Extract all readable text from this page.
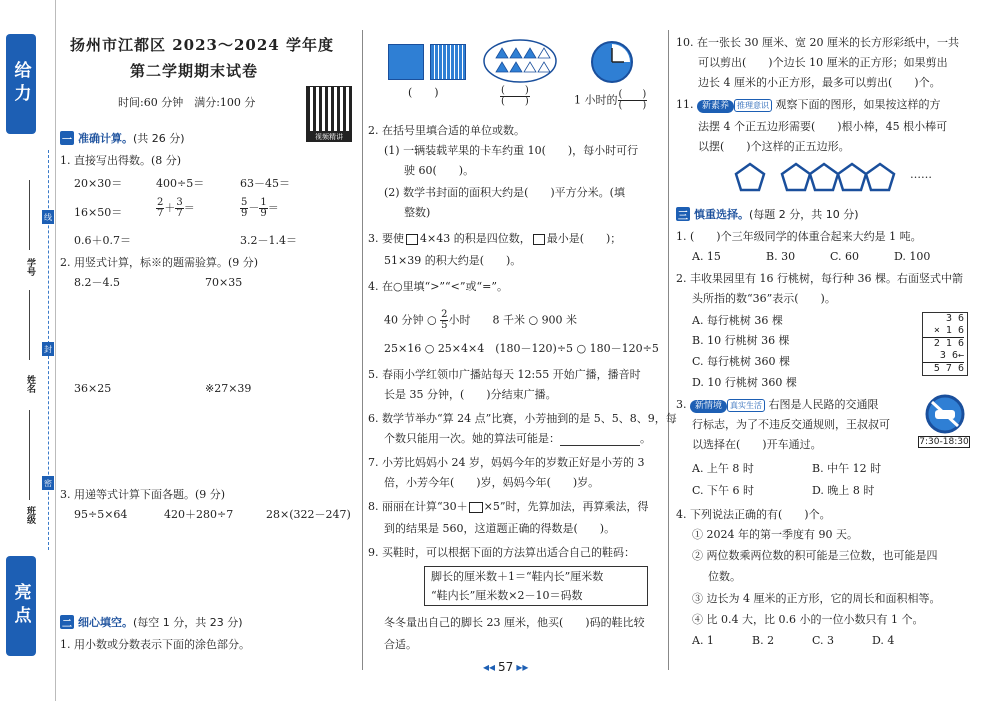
给力
亮点
学号
姓名
班级
线
封
密
扬州市江都区 2023～2024 学年度
第二学期期末试卷
时间:60 分钟　满分:100 分
视频精讲
一 准确计算。 (共 26 分)
1. 直接写出得数。(8 分)
20×30＝	400÷5＝	63－45＝
16×50＝	$\frac{2}{7} + \frac{3}{7}$ ＝	$\frac{5}{9} - \frac{1}{9}$ ＝
0.6＋0.7＝	3.2－1.4＝
2. 用竖式计算，标※的题需验算。(9 分)
8.2－4.5	70×35
36×25	※27×39
3. 用递等式计算下面各题。(9 分)
95÷5×64	420＋280÷7	28×(322－247)
二 细心填空。 (每空 1 分，共 23 分)
1. 用小数或分数表示下面的涂色部分。
(　　)	$\frac{( )}{( )}$	1 小时的 $\frac{( )}{( )}$
2. 在括号里填合适的单位或数。
(1) 一辆装载苹果的卡车约重 10(　　)，每小时可行
驶 60(　　)。
(2) 数学书封面的面积大约是(　　)平方分米。(填
整数)
3. 要使 4×43 的积是四位数， 最小是(　　)；
51×39 的积大约是(　　)。
4. 在○里填“>”“<”或“=”。
40 分钟 ○ $\frac{2}{5}$ 小时　　 8 千米 ○ 900 米
25×16 ○ 25×4×4　 (180－120)÷5 ○ 180－120÷5
5. 春雨小学红领巾广播站每天 12:55 开始广播，播音时
长是 35 分钟，(　　)分结束广播。
6. 数学节举办“算 24 点”比赛，小芳抽到的是 5、5、8、9，每
个数只能用一次。她的算法可能是：	。
7. 小芳比妈妈小 24 岁，妈妈今年的岁数正好是小芳的 3
倍，小芳今年(　　)岁，妈妈今年(　　)岁。
8. 丽丽在计算“30＋ ×5”时，先算加法，再算乘法，得
到的结果是 560，这道题正确的得数是(　　)。
9. 买鞋时，可以根据下面的方法算出适合自己的鞋码：
脚长的厘米数＋1＝“鞋内长”厘米数
“鞋内长”厘米数×2－10＝码数
冬冬量出自己的脚长 23 厘米，他买(　　)码的鞋比较
合适。
10. 在一张长 30 厘米、宽 20 厘米的长方形彩纸中，一共
可以剪出(　　)个边长 10 厘米的正方形；如果剪出
边长 4 厘米的小正方形，最多可以剪出(　　)个。
11. 新素养 推理意识 观察下面的图形，如果按这样的方
法摆 4 个正五边形需要(　　)根小棒，45 根小棒可
以摆(　　)个这样的正五边形。
……
三 慎重选择。 (每题 2 分，共 10 分)
1. (　　)个三年级同学的体重合起来大约是 1 吨。
A. 15	B. 30	C. 60	D. 100
2. 丰收果园里有 16 行桃树，每行种 36 棵。右面竖式中箭
头所指的数“36”表示(　　)。
A. 每行桃树 36 棵
B. 10 行桃树 36 棵
C. 每行桃树 360 棵
D. 10 行桃树 360 棵
3 6
× 1 6
2 1 6
3 6←
5 7 6
3. 新情境 真实生活 右图是人民路的交通限
行标志，为了不违反交通规则，王叔叔可
以选择在(　　)开车通过。	7:30-18:30
A. 上午 8 时	B. 中午 12 时
C. 下午 6 时	D. 晚上 8 时
4. 下列说法正确的有(　　)个。
① 2024 年的第一季度有 90 天。
② 两位数乘两位数的积可能是三位数，也可能是四
位数。
③ 边长为 4 厘米的正方形，它的周长和面积相等。
④ 比 0.4 大，比 0.6 小的一位小数只有 1 个。
A. 1	B. 2	C. 3	D. 4
◂◂ 57 ▸▸
